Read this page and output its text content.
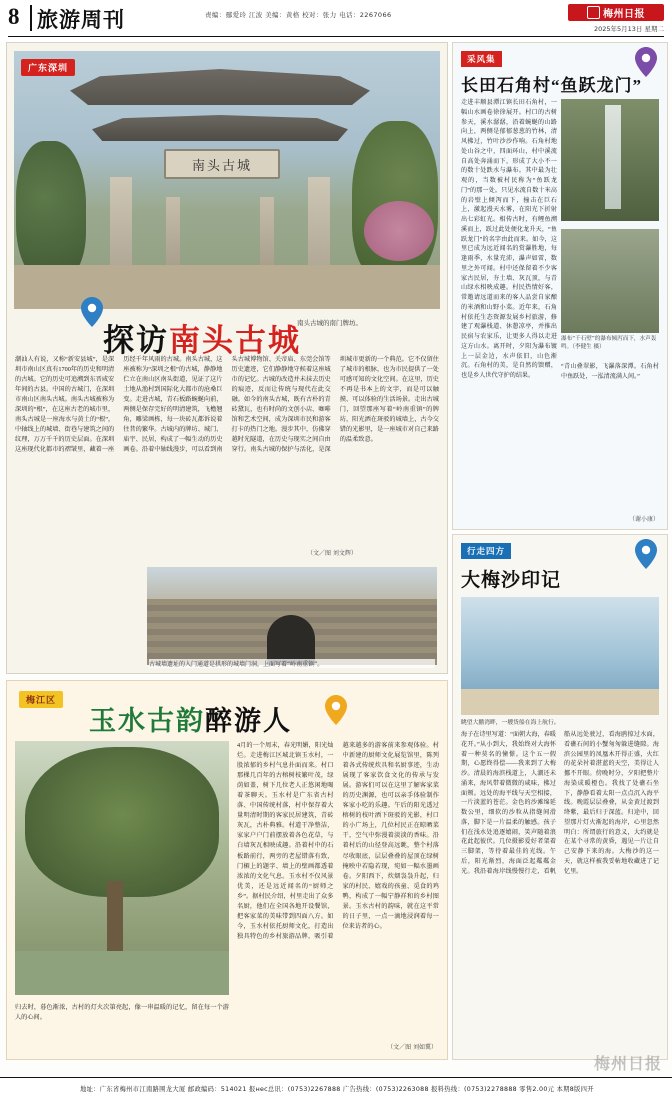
8 旅游周刊	责编：鄢爱玲 江波 美编：黄格 校对：张力 电话：2267066	梅州日报
2025年5月13日 星期二
南头古城
广东深圳
探访南头古城
南头古城的南门牌坊。
潮汕人有说，又称“新安县城”，是深圳市南山区真有1700年的历史和明清的古城。它的历史可追溯到东晋咸安年间的古县。中国的古城门，在深圳市南山区南头古城。南头古城被称为深圳的“根”，在这座古老的城市里，南头古城是一座海水与黄土的“根”，中轴线上的城墙、街巷与建筑之间的纹理，万万千千的历史层面。在深圳这座现代化都市的褶皱里，藏着一座历经千年风雨的古城。南头古城，这座被称为“深圳之根”的古城，静静地伫立在南山区南头街道，见证了这片土地从渔村到国际化大都市的沧桑巨变。走进古城，青石板路蜿蜒向前，两侧是保存完好的明清建筑，飞檐翘角，雕梁画栋，每一块砖瓦都诉说着往昔的繁华。古城内的牌坊、城门、庙宇、民居，构成了一幅生动的历史画卷。沿着中轴线漫步，可以看到南头古城博物馆、关帝庙、东莞会馆等历史遗迹，它们静静地守候着这座城市的记忆。古城的改造并未抹去历史的痕迹，反而让传统与现代在此交融。如今的南头古城，既有古朴的青砖黛瓦，也有时尚的文创小店、咖啡馆和艺术空间，成为深圳市民和游客打卡的热门之地。漫步其中，仿佛穿越时光隧道，在历史与现实之间自由穿行。南头古城的保护与活化，是深圳城市更新的一个典范。它不仅留住了城市的根脉，也为市民提供了一处可感可知的文化空间。在这里，历史不再是书本上的文字，而是可以触摸、可以体验的生活场景。走出古城门，回望那座写着“岭南重镇”的牌坊，阳光洒在斑驳的城墙上，古今交错的光影里，是一座城市对自己来路的温柔致意。
（文／图 刘文辉）
古城墙遗址的入门通道是拱形的城墙门洞，上面写着“岭南重镇”。
梅江区
玉水古韵醉游人
4月的一个周末，春光明媚，阳光灿烂。走进梅江区城北镇玉水村，一股浓郁的乡村气息扑面而来。村口那棵几百年的古榕树枝繁叶茂，绿荫如盖，树下几位老人正悠闲地喝着茶聊天。玉水村是广东省古村落、中国传统村落，村中保存着大量明清时期的客家民居建筑，青砖灰瓦，古朴典雅。村道干净整洁，家家户户门前摆放着各色花草，与白墙灰瓦相映成趣。沿着村中的石板路前行，两旁的老屋错落有致，门楣上的题字、墙上的壁画都透着浓浓的文化气息。玉水村不仅风景优美，还是远近闻名的“厨师之乡”。据村民介绍，村里走出了众多名厨，他们在全国各地开设餐馆，把客家菜的美味带到四面八方。如今，玉水村依托厨师文化，打造出独具特色的乡村旅游品牌，吸引着越来越多的游客前来参观体验。村中新建的厨师文化展览馆里，陈列着各式传统炊具和名厨事迹，生动展现了客家饮食文化的传承与发展。游客们可以在这里了解客家菜的历史渊源，也可以亲手体验制作客家小吃的乐趣。午后的阳光透过榕树的枝叶洒下斑驳的光影，村口的小广场上，几位村民正在晾晒菜干，空气中弥漫着淡淡的香味。沿着村后的山径登高远眺，整个村落尽收眼底，层层叠叠的屋顶在绿树掩映中若隐若现，宛如一幅水墨画卷。夕阳西下，炊烟袅袅升起，归家的村民、嬉戏的孩童、觅食的鸡鸭，构成了一幅宁静祥和的乡村图景。玉水古村的韵味，就在这平常的日子里，一点一滴地浸润着每一位来访者的心。
归去时，暮色渐浓，古村的灯火次第亮起，像一串温暖的记忆，留在每一个游人的心间。
（文／图 刘如冀）
采风集
长田石角村“鱼跃龙门”
瀑布“千石壁”的瀑布倾泻而下，水声轰鸣。（李健生 摄）
走进丰顺县潭江镇长田石角村，一幅山水画卷徐徐展开。村口的古树参天，溪水潺潺，沿着蜿蜒的山路向上，两侧是郁郁葱葱的竹林，清风拂过，竹叶沙沙作响。石角村地处山谷之中，四面环山，村中溪流自高处奔涌而下，形成了大小不一的数十处跌水与瀑布。其中最为壮观的，当数被村民称为“鱼跃龙门”的那一处。只见水流自数十米高的岩壁上倾泻而下，撞击在巨石上，激起漫天水雾，在阳光下折射出七彩虹光。相传古时，有鲤鱼溯溪而上，跃过此处便化龙升天，“鱼跃龙门”的名字由此而来。如今，这里已成为远近闻名的赏瀑胜地，每逢雨季，水量充沛，瀑声如雷，数里之外可闻。村中还保留着不少客家古民居，夯土墙、灰瓦顶，与青山绿水相映成趣。村民热情好客，常邀请远道而来的客人品尝自家酿的米酒和山野小菜。近年来，石角村依托生态资源发展乡村旅游，修建了观瀑栈道、休憩凉亭，并推出民宿与农家乐，让更多人得以走进这方山水。离开时，夕阳为瀑布镀上一层金边，水声依旧，山色渐沉。石角村的美，是自然的馈赠，也是乡人世代守护的结果。
“青山叠翠影，飞瀑落深潭。石角村中鱼跃处，一泓清流满人间。”
（谢小康）
行走四方
大梅沙印记
眺望大鹏湾畔，一艘货船在海上航行。
海子在诗里写道：“面朝大海，春暖花开。”从小到大，我始终对大海怀着一种莫名的憧憬。这个五一假期，心愿终得偿——我来到了大梅沙。清晨的海滨栈道上，人潮还未涌来，海风带着微微的咸味，拂过面颊。远处的海平线与天空相接，一片淡蓝的苍茫。金色的沙滩绵延数公里，细软的沙粒从指缝间滑落，脚下是一片温柔的触感。孩子们在浅水处追逐嬉闹，笑声随着浪花此起彼伏。几位摄影爱好者架着三脚架，等待着最佳的光线。午后，阳光渐烈，海面泛起粼粼金光。我沿着海岸线慢慢行走，看帆船从远处驶过，看海鸥掠过水面，看礁石间的小蟹匆匆躲进缝隙。海滨公园里的凤凰木开得正盛，火红的花朵衬着湛蓝的天空，美得让人挪不开眼。傍晚时分，夕阳把整片海染成暖橙色。我找了处礁石坐下，静静看着太阳一点点沉入海平线。晚霞层层叠叠，从金黄过渡到绛紫，最后归于深蓝。归途中，回望那片灯火渐起的海岸，心里忽然明白：所谓旅行的意义，大约就是在某个寻常的黄昏，遇见一片让自己安静下来的海。大梅沙的这一天，就这样被我妥帖地收藏进了记忆里。
梅州日报
地址：广东省梅州市江南路围龙大厦 邮政编码：514021 报нес总讯：(0753)2267888 广告热线：(0753)2263088 报料热线：(0753)2278888 零售2.00元 本期8版四开
